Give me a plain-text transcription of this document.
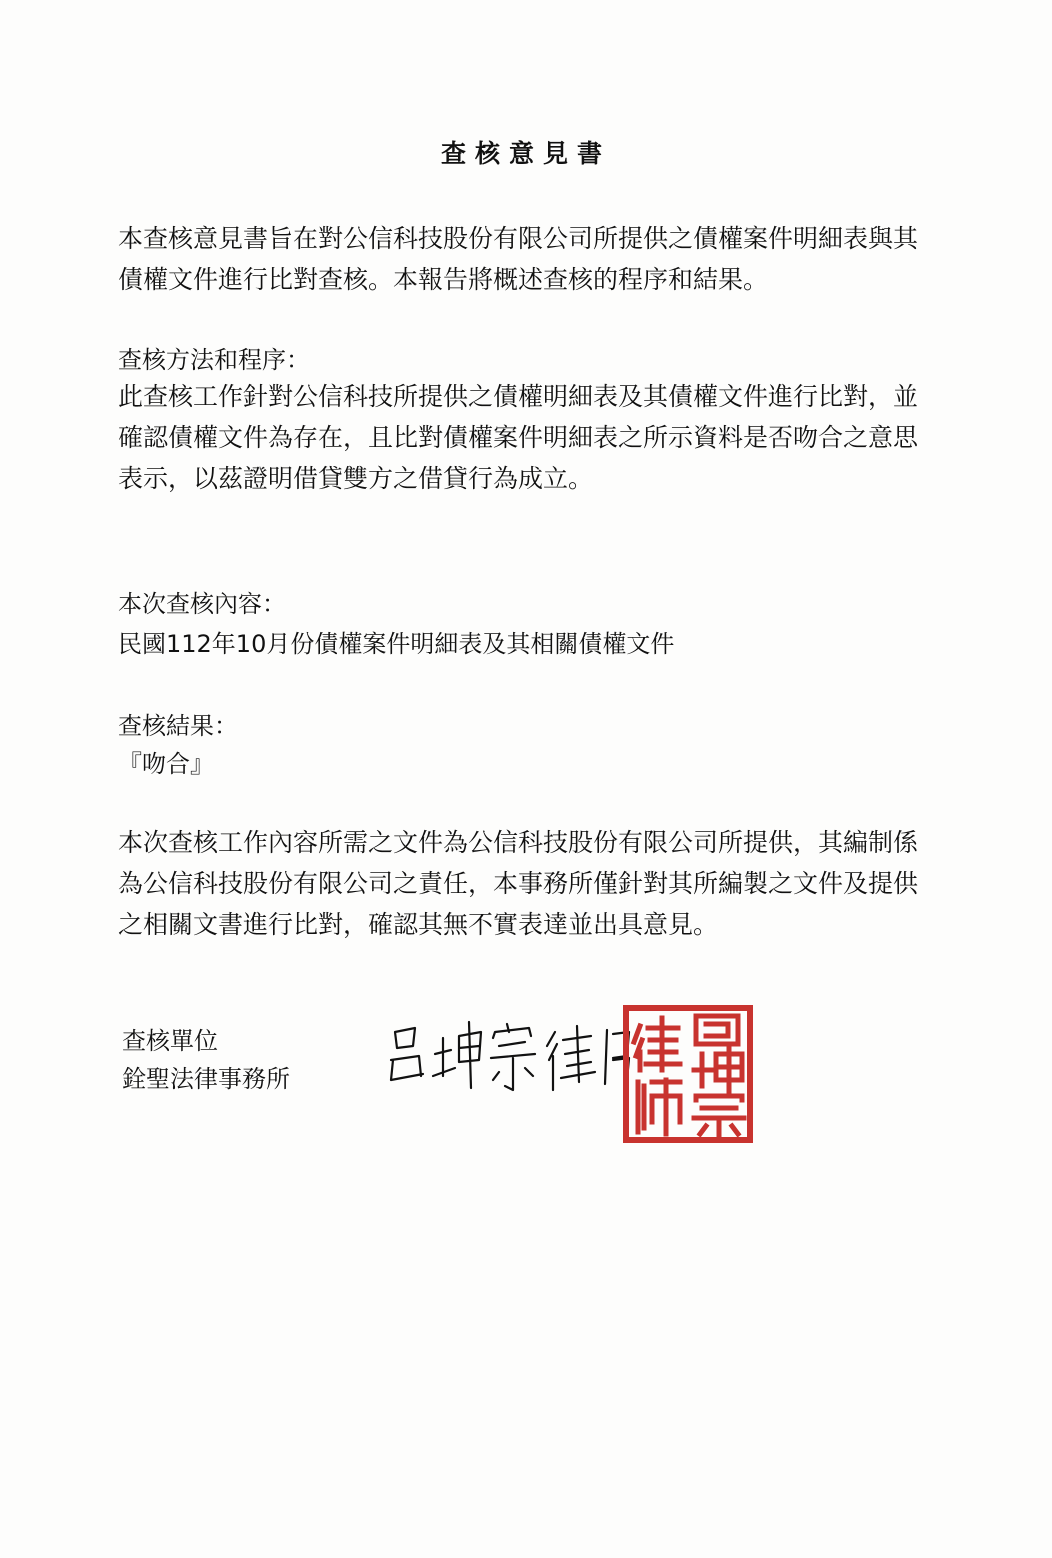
查核意見書

本查核意見書旨在對公信科技股份有限公司所提供之債權案件明細表與其
債權文件進行比對查核。本報告將概述查核的程序和結果。

查核方法和程序：

此查核工作針對公信科技所提供之債權明細表及其債權文件進行比對，並
確認債權文件為存在，且比對債權案件明細表之所示資料是否吻合之意思
表示，以茲證明借貸雙方之借貸行為成立。

本次查核內容：

民國112年10月份債權案件明細表及其相關債權文件

查核結果：

『吻合』

本次查核工作內容所需之文件為公信科技股份有限公司所提供，其編制係
為公信科技股份有限公司之責任，本事務所僅針對其所編製之文件及提供
之相關文書進行比對，確認其無不實表達並出具意見。

查核單位
銓聖法律事務所
